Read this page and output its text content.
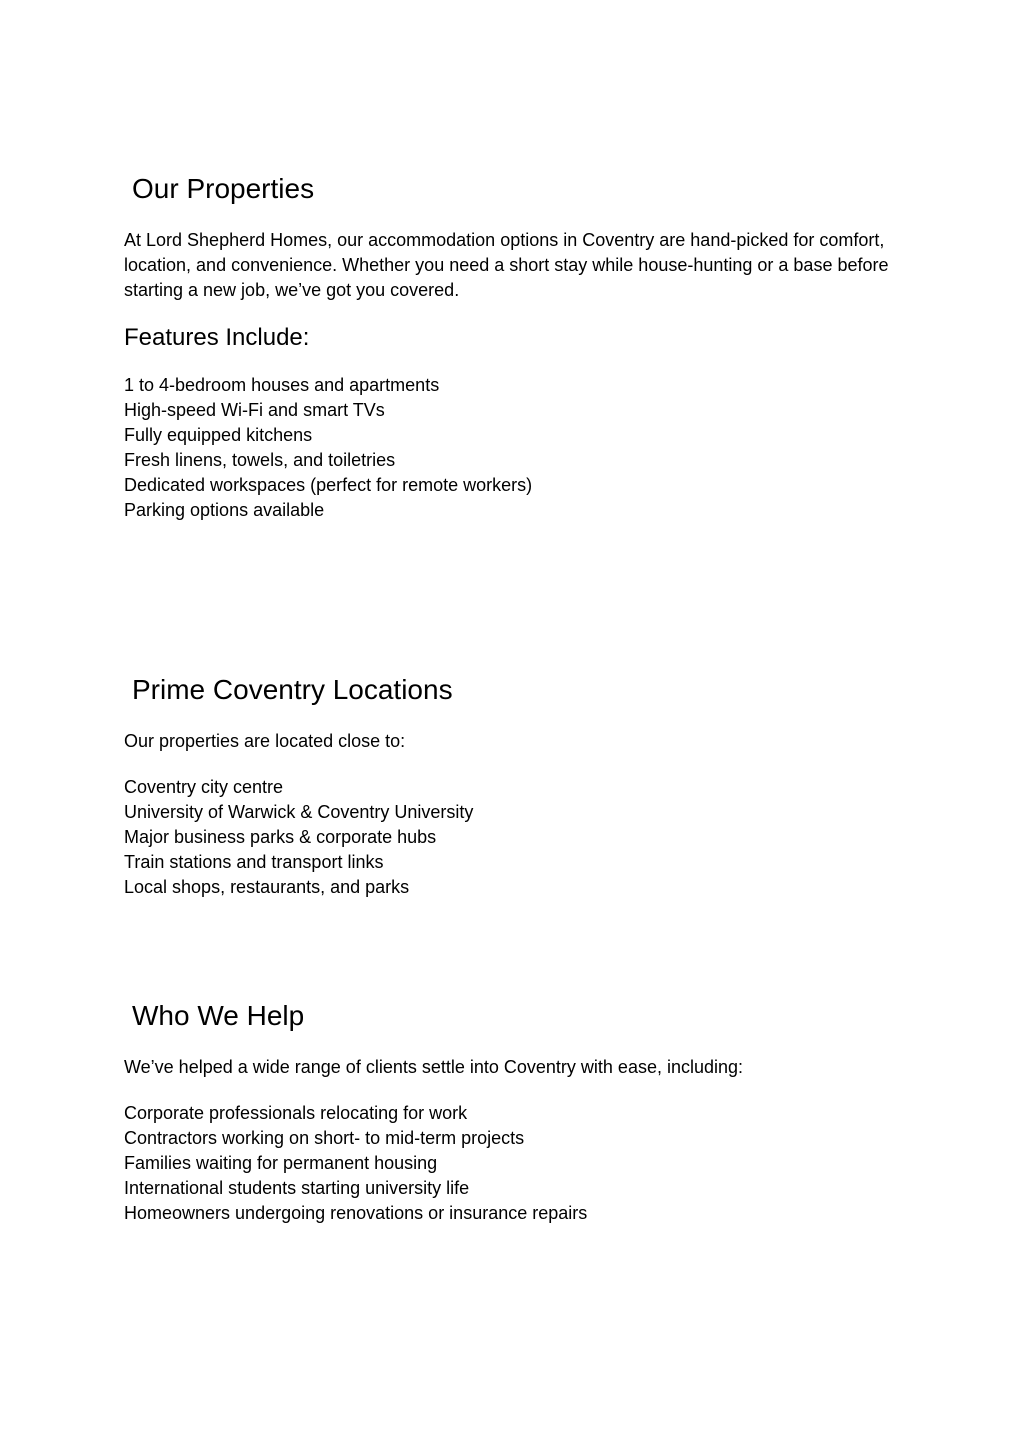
Our Properties

At Lord Shepherd Homes, our accommodation options in Coventry are hand-picked for comfort, location, and convenience. Whether you need a short stay while house-hunting or a base before starting a new job, we’ve got you covered.

Features Include:
1 to 4-bedroom houses and apartments
High-speed Wi-Fi and smart TVs
Fully equipped kitchens
Fresh linens, towels, and toiletries
Dedicated workspaces (perfect for remote workers)
Parking options available
Prime Coventry Locations

Our properties are located close to:

Coventry city centre
University of Warwick & Coventry University
Major business parks & corporate hubs
Train stations and transport links
Local shops, restaurants, and parks
Who We Help

We’ve helped a wide range of clients settle into Coventry with ease, including:

Corporate professionals relocating for work
Contractors working on short- to mid-term projects
Families waiting for permanent housing
International students starting university life
Homeowners undergoing renovations or insurance repairs
